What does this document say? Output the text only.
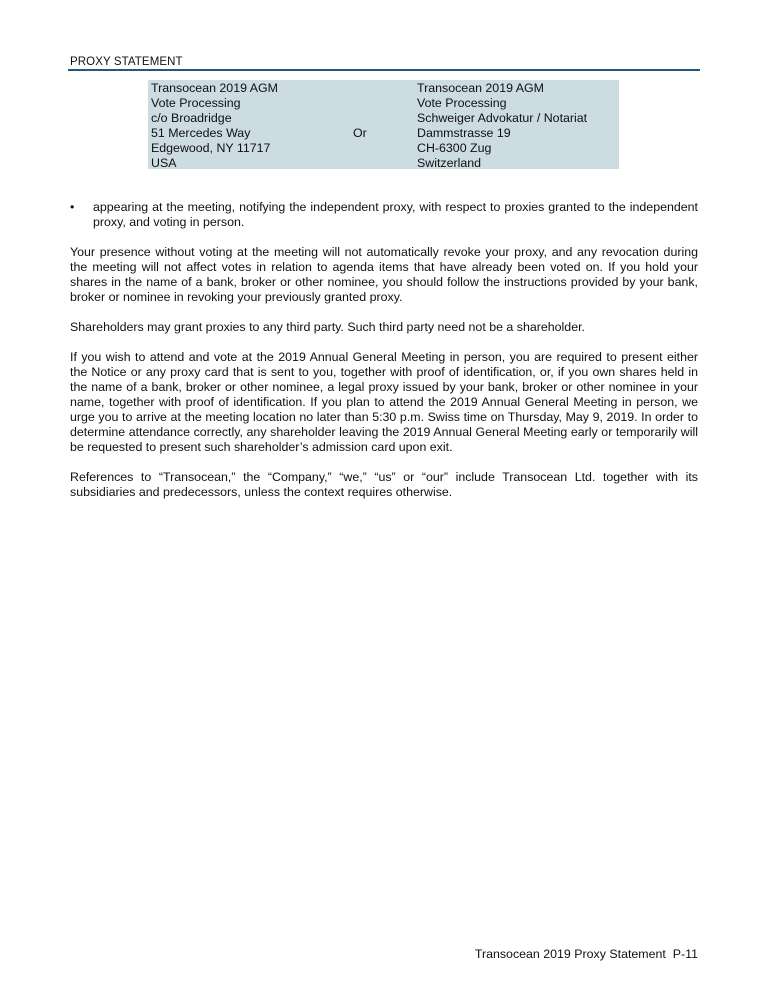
PROXY STATEMENT
Transocean 2019 AGM
Vote Processing
c/o Broadridge
51 Mercedes Way
Edgewood, NY 11717
USA
Or
Transocean 2019 AGM
Vote Processing
Schweiger Advokatur / Notariat
Dammstrasse 19
CH-6300 Zug
Switzerland
•	appearing at the meeting, notifying the independent proxy, with respect to proxies granted to the independent proxy, and voting in person.

Your presence without voting at the meeting will not automatically revoke your proxy, and any revocation during the meeting will not affect votes in relation to agenda items that have already been voted on. If you hold your shares in the name of a bank, broker or other nominee, you should follow the instructions provided by your bank, broker or nominee in revoking your previously granted proxy.

Shareholders may grant proxies to any third party. Such third party need not be a shareholder.

If you wish to attend and vote at the 2019 Annual General Meeting in person, you are required to present either the Notice or any proxy card that is sent to you, together with proof of identification, or, if you own shares held in the name of a bank, broker or other nominee, a legal proxy issued by your bank, broker or other nominee in your name, together with proof of identification. If you plan to attend the 2019 Annual General Meeting in person, we urge you to arrive at the meeting location no later than 5:30 p.m. Swiss time on Thursday, May 9, 2019. In order to determine attendance correctly, any shareholder leaving the 2019 Annual General Meeting early or temporarily will be requested to present such shareholder’s admission card upon exit.

References to “Transocean,” the “Company,” “we,” “us” or “our” include Transocean Ltd. together with its subsidiaries and predecessors, unless the context requires otherwise.

Transocean 2019 Proxy Statement  P-11
